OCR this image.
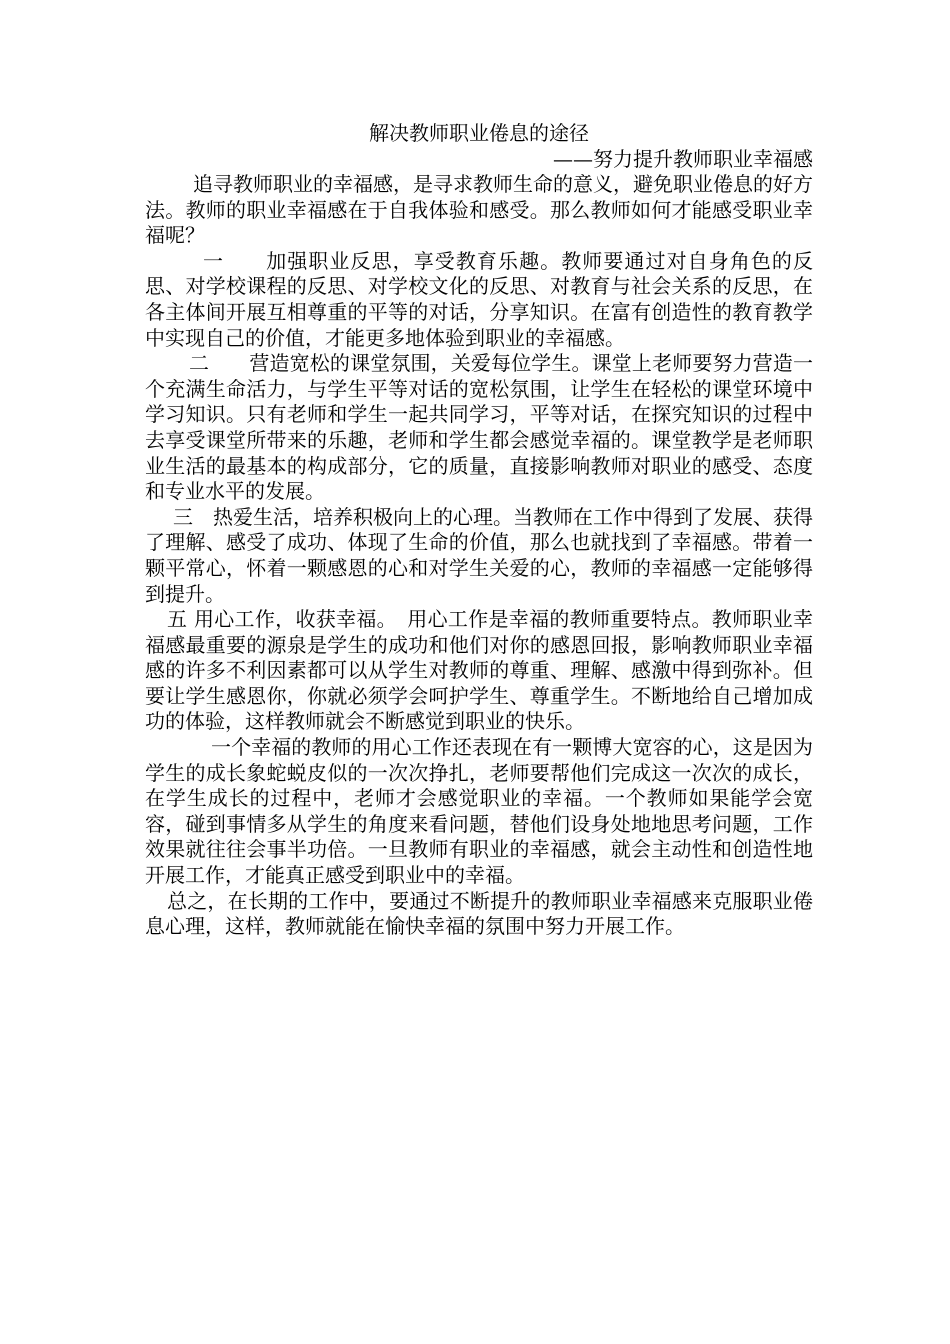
解决教师职业倦息的途径

——努力提升教师职业幸福感

追寻教师职业的幸福感，是寻求教师生命的意义，避免职业倦息的好方法。教师的职业幸福感在于自我体验和感受。那么教师如何才能感受职业幸福呢？

一　　加强职业反思，享受教育乐趣。教师要通过对自身角色的反思、对学校课程的反思、对学校文化的反思、对教育与社会关系的反思，在各主体间开展互相尊重的平等的对话，分享知识。在富有创造性的教育教学中实现自己的价值，才能更多地体验到职业的幸福感。

二　　营造宽松的课堂氛围，关爱每位学生。课堂上老师要努力营造一个充满生命活力，与学生平等对话的宽松氛围，让学生在轻松的课堂环境中学习知识。只有老师和学生一起共同学习，平等对话，在探究知识的过程中去享受课堂所带来的乐趣，老师和学生都会感觉幸福的。课堂教学是老师职业生活的最基本的构成部分，它的质量，直接影响教师对职业的感受、态度和专业水平的发展。

三　热爱生活，培养积极向上的心理。当教师在工作中得到了发展、获得了理解、感受了成功、体现了生命的价值，那么也就找到了幸福感。带着一颗平常心，怀着一颗感恩的心和对学生关爱的心，教师的幸福感一定能够得到提升。

五 用心工作，收获幸福。　用心工作是幸福的教师重要特点。教师职业幸福感最重要的源泉是学生的成功和他们对你的感恩回报，影响教师职业幸福感的许多不利因素都可以从学生对教师的尊重、理解、感激中得到弥补。但要让学生感恩你，你就必须学会呵护学生、尊重学生。不断地给自己增加成功的体验，这样教师就会不断感觉到职业的快乐。

一个幸福的教师的用心工作还表现在有一颗博大宽容的心，这是因为学生的成长象蛇蜕皮似的一次次挣扎，老师要帮他们完成这一次次的成长，在学生成长的过程中，老师才会感觉职业的幸福。一个教师如果能学会宽容，碰到事情多从学生的角度来看问题，替他们设身处地地思考问题，工作效果就往往会事半功倍。一旦教师有职业的幸福感，就会主动性和创造性地开展工作，才能真正感受到职业中的幸福。

总之，在长期的工作中，要通过不断提升的教师职业幸福感来克服职业倦息心理，这样，教师就能在愉快幸福的氛围中努力开展工作。
